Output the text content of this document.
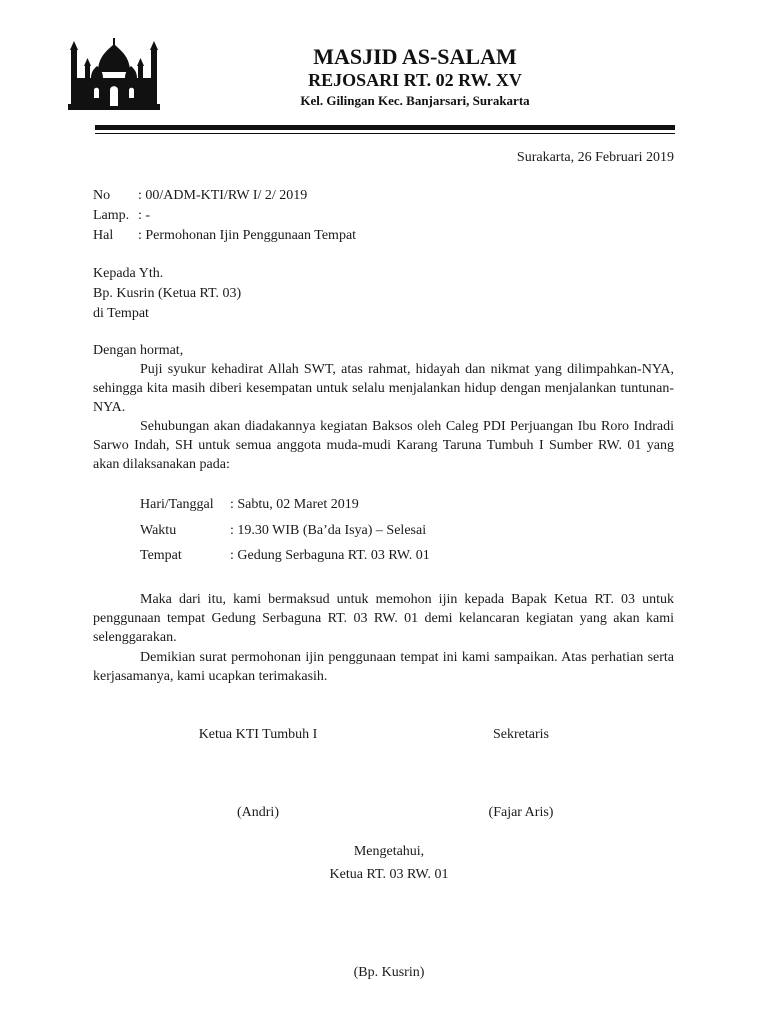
MASJID AS-SALAM
REJOSARI RT. 02 RW. XV
Kel. Gilingan Kec. Banjarsari, Surakarta
Surakarta, 26 Februari 2019
No : 00/ADM-KTI/RW I/ 2/ 2019
Lamp. : -
Hal : Permohonan Ijin Penggunaan Tempat
Kepada Yth.
Bp. Kusrin (Ketua RT. 03)
di Tempat
Dengan hormat,
Puji syukur kehadirat Allah SWT, atas rahmat, hidayah dan nikmat yang dilimpahkan-NYA, sehingga kita masih diberi kesempatan untuk selalu menjalankan hidup dengan menjalankan tuntunan-NYA.
Sehubungan akan diadakannya kegiatan Baksos oleh Caleg PDI Perjuangan Ibu Roro Indradi Sarwo Indah, SH untuk semua anggota muda-mudi Karang Taruna Tumbuh I Sumber RW. 01 yang akan dilaksanakan pada:
Hari/Tanggal : Sabtu, 02 Maret 2019
Waktu	: 19.30 WIB (Ba’da Isya) – Selesai
Tempat	: Gedung Serbaguna RT. 03 RW. 01
Maka dari itu, kami bermaksud untuk memohon ijin kepada Bapak Ketua RT. 03 untuk penggunaan tempat Gedung Serbaguna RT. 03 RW. 01 demi kelancaran kegiatan yang akan kami selenggarakan.
Demikian surat permohonan ijin penggunaan tempat ini kami sampaikan. Atas perhatian serta kerjasamanya, kami ucapkan terimakasih.
Ketua KTI Tumbuh I	Sekretaris
(Andri)	(Fajar Aris)
Mengetahui,
Ketua RT. 03 RW. 01
(Bp. Kusrin)
